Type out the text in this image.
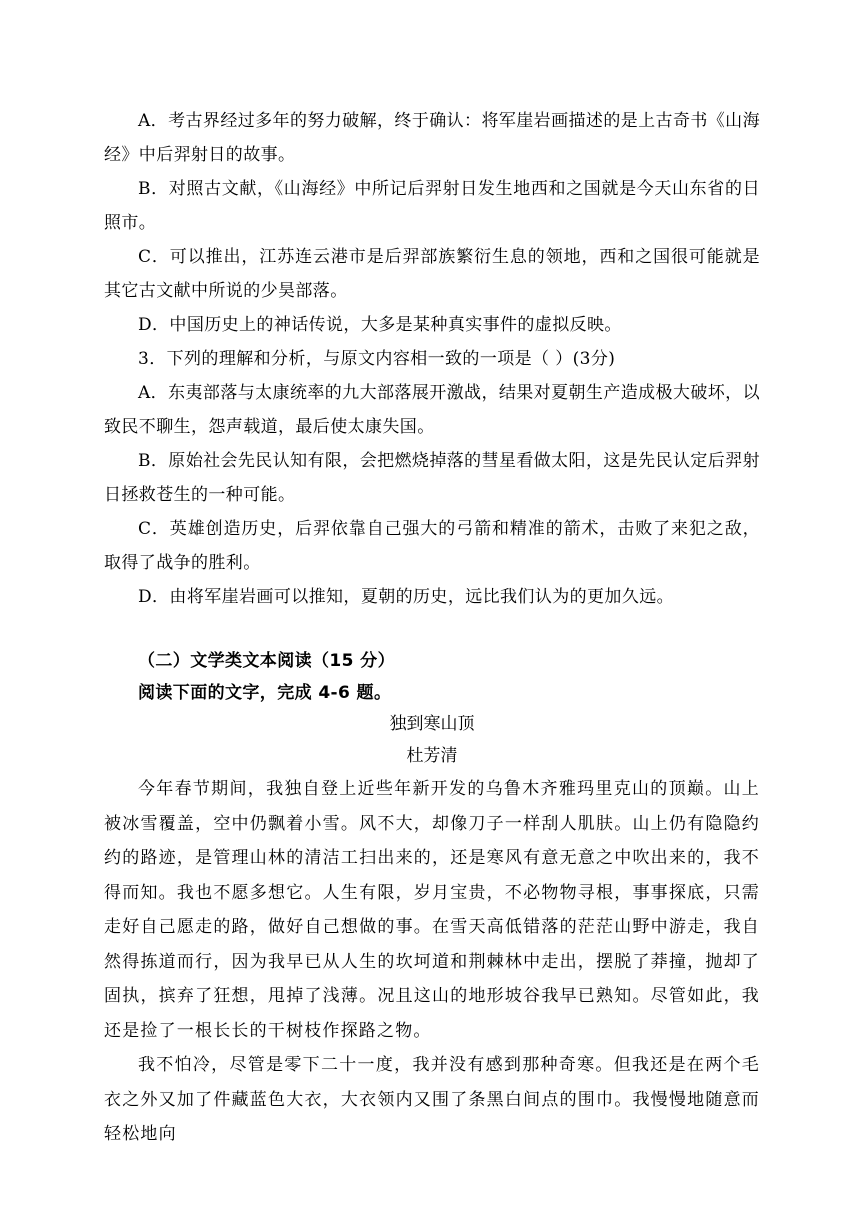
A．考古界经过多年的努力破解，终于确认：将军崖岩画描述的是上古奇书《山海经》中后羿射日的故事。

B．对照古文献，《山海经》中所记后羿射日发生地西和之国就是今天山东省的日照市。

C．可以推出，江苏连云港市是后羿部族繁衍生息的领地，西和之国很可能就是其它古文献中所说的少昊部落。

D．中国历史上的神话传说，大多是某种真实事件的虚拟反映。

3．下列的理解和分析，与原文内容相一致的一项是（ ）(3分)

A．东夷部落与太康统率的九大部落展开激战，结果对夏朝生产造成极大破坏，以致民不聊生，怨声载道，最后使太康失国。

B．原始社会先民认知有限，会把燃烧掉落的彗星看做太阳，这是先民认定后羿射日拯救苍生的一种可能。

C．英雄创造历史，后羿依靠自己强大的弓箭和精准的箭术，击败了来犯之敌，取得了战争的胜利。

D．由将军崖岩画可以推知，夏朝的历史，远比我们认为的更加久远。

（二）文学类文本阅读（15 分）

阅读下面的文字，完成 4-6 题。

独到寒山顶

杜芳清

今年春节期间，我独自登上近些年新开发的乌鲁木齐雅玛里克山的顶巅。山上被冰雪覆盖，空中仍飘着小雪。风不大，却像刀子一样刮人肌肤。山上仍有隐隐约约的路迹，是管理山林的清洁工扫出来的，还是寒风有意无意之中吹出来的，我不得而知。我也不愿多想它。人生有限，岁月宝贵，不必物物寻根，事事探底，只需走好自己愿走的路，做好自己想做的事。在雪天高低错落的茫茫山野中游走，我自然得拣道而行，因为我早已从人生的坎坷道和荆棘林中走出，摆脱了莽撞，抛却了固执，摈弃了狂想，甩掉了浅薄。况且这山的地形坡谷我早已熟知。尽管如此，我还是捡了一根长长的干树枝作探路之物。

我不怕冷，尽管是零下二十一度，我并没有感到那种奇寒。但我还是在两个毛衣之外又加了件藏蓝色大衣，大衣领内又围了条黑白间点的围巾。我慢慢地随意而轻松地向
